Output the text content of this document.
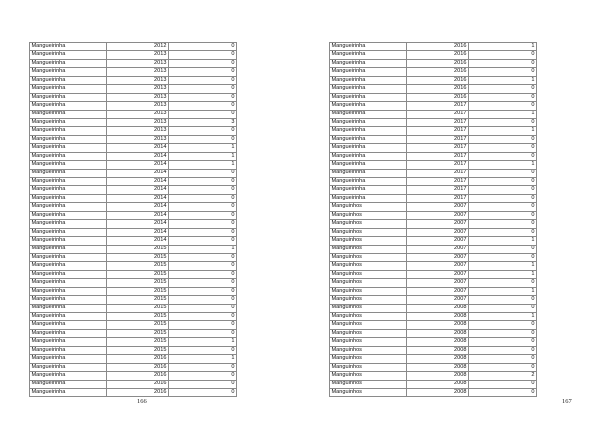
Mangueirinha	2012	0
Mangueirinha	2013	0
Mangueirinha	2013	0
Mangueirinha	2013	0
Mangueirinha	2013	0
Mangueirinha	2013	0
Mangueirinha	2013	0
Mangueirinha	2013	0
Mangueirinha	2013	0
Mangueirinha	2013	3
Mangueirinha	2013	0
Mangueirinha	2013	0
Mangueirinha	2014	1
Mangueirinha	2014	1
Mangueirinha	2014	1
Mangueirinha	2014	0
Mangueirinha	2014	0
Mangueirinha	2014	0
Mangueirinha	2014	0
Mangueirinha	2014	0
Mangueirinha	2014	0
Mangueirinha	2014	0
Mangueirinha	2014	0
Mangueirinha	2014	0
Mangueirinha	2015	1
Mangueirinha	2015	0
Mangueirinha	2015	0
Mangueirinha	2015	0
Mangueirinha	2015	0
Mangueirinha	2015	0
Mangueirinha	2015	0
Mangueirinha	2015	0
Mangueirinha	2015	0
Mangueirinha	2015	0
Mangueirinha	2015	0
Mangueirinha	2015	1
Mangueirinha	2015	0
Mangueirinha	2016	1
Mangueirinha	2016	0
Mangueirinha	2016	0
Mangueirinha	2016	0
Mangueirinha	2016	0
166
Mangueirinha	2016	1
Mangueirinha	2016	0
Mangueirinha	2016	0
Mangueirinha	2016	0
Mangueirinha	2016	1
Mangueirinha	2016	0
Mangueirinha	2016	0
Mangueirinha	2017	0
Mangueirinha	2017	1
Mangueirinha	2017	0
Mangueirinha	2017	1
Mangueirinha	2017	0
Mangueirinha	2017	0
Mangueirinha	2017	0
Mangueirinha	2017	1
Mangueirinha	2017	0
Mangueirinha	2017	0
Mangueirinha	2017	0
Mangueirinha	2017	0
Manguinhos	2007	0
Manguinhos	2007	0
Manguinhos	2007	0
Manguinhos	2007	0
Manguinhos	2007	1
Manguinhos	2007	0
Manguinhos	2007	0
Manguinhos	2007	1
Manguinhos	2007	1
Manguinhos	2007	0
Manguinhos	2007	1
Manguinhos	2007	0
Manguinhos	2008	0
Manguinhos	2008	1
Manguinhos	2008	0
Manguinhos	2008	0
Manguinhos	2008	0
Manguinhos	2008	0
Manguinhos	2008	0
Manguinhos	2008	0
Manguinhos	2008	2
Manguinhos	2008	0
Manguinhos	2008	0
167
